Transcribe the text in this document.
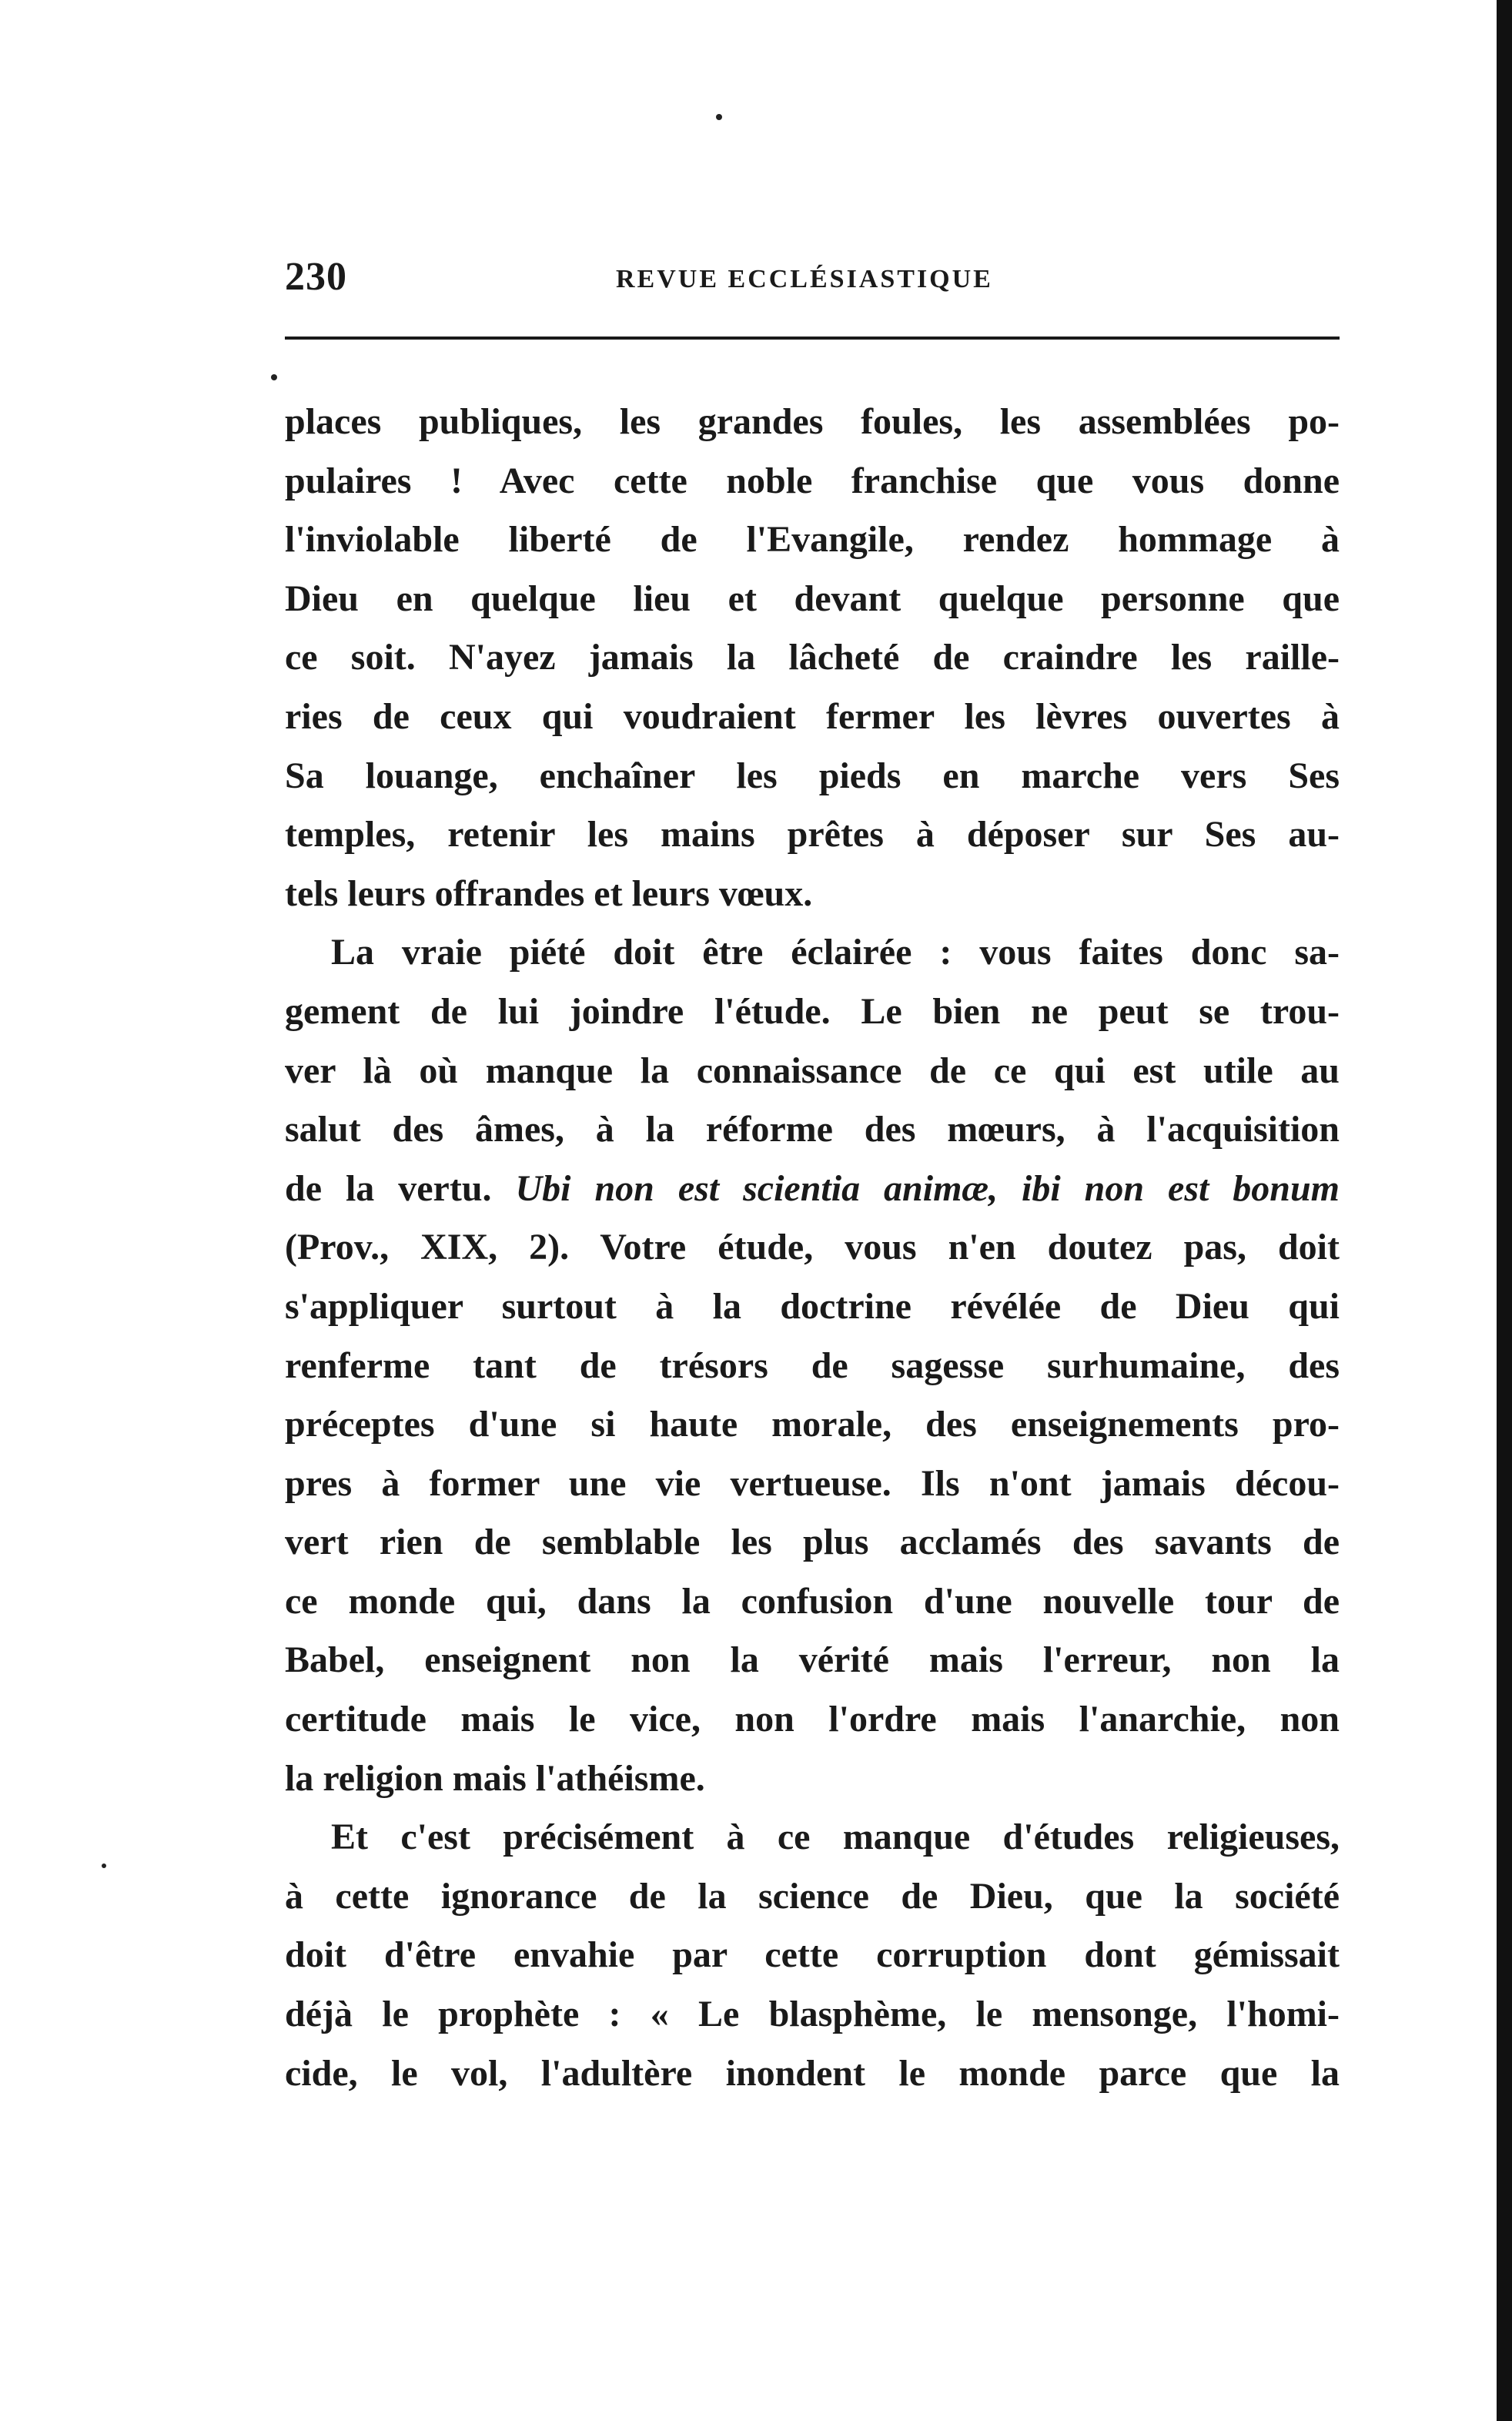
230	REVUE ECCLÉSIASTIQUE
places publiques, les grandes foules, les assemblées po-
pulaires ! Avec cette noble franchise que vous donne
l'inviolable liberté de l'Evangile, rendez hommage à
Dieu en quelque lieu et devant quelque personne que
ce soit. N'ayez jamais la lâcheté de craindre les raille-
ries de ceux qui voudraient fermer les lèvres ouvertes à
Sa louange, enchaîner les pieds en marche vers Ses
temples, retenir les mains prêtes à déposer sur Ses au-
tels leurs offrandes et leurs vœux.
La vraie piété doit être éclairée : vous faites donc sa-
gement de lui joindre l'étude. Le bien ne peut se trou-
ver là où manque la connaissance de ce qui est utile au
salut des âmes, à la réforme des mœurs, à l'acquisition
de la vertu. Ubi non est scientia animæ, ibi non est bonum
(Prov., XIX, 2). Votre étude, vous n'en doutez pas, doit
s'appliquer surtout à la doctrine révélée de Dieu qui
renferme tant de trésors de sagesse surhumaine, des
préceptes d'une si haute morale, des enseignements pro-
pres à former une vie vertueuse. Ils n'ont jamais décou-
vert rien de semblable les plus acclamés des savants de
ce monde qui, dans la confusion d'une nouvelle tour de
Babel, enseignent non la vérité mais l'erreur, non la
certitude mais le vice, non l'ordre mais l'anarchie, non
la religion mais l'athéisme.
Et c'est précisément à ce manque d'études religieuses,
à cette ignorance de la science de Dieu, que la société
doit d'être envahie par cette corruption dont gémissait
déjà le prophète : « Le blasphème, le mensonge, l'homi-
cide, le vol, l'adultère inondent le monde parce que la
